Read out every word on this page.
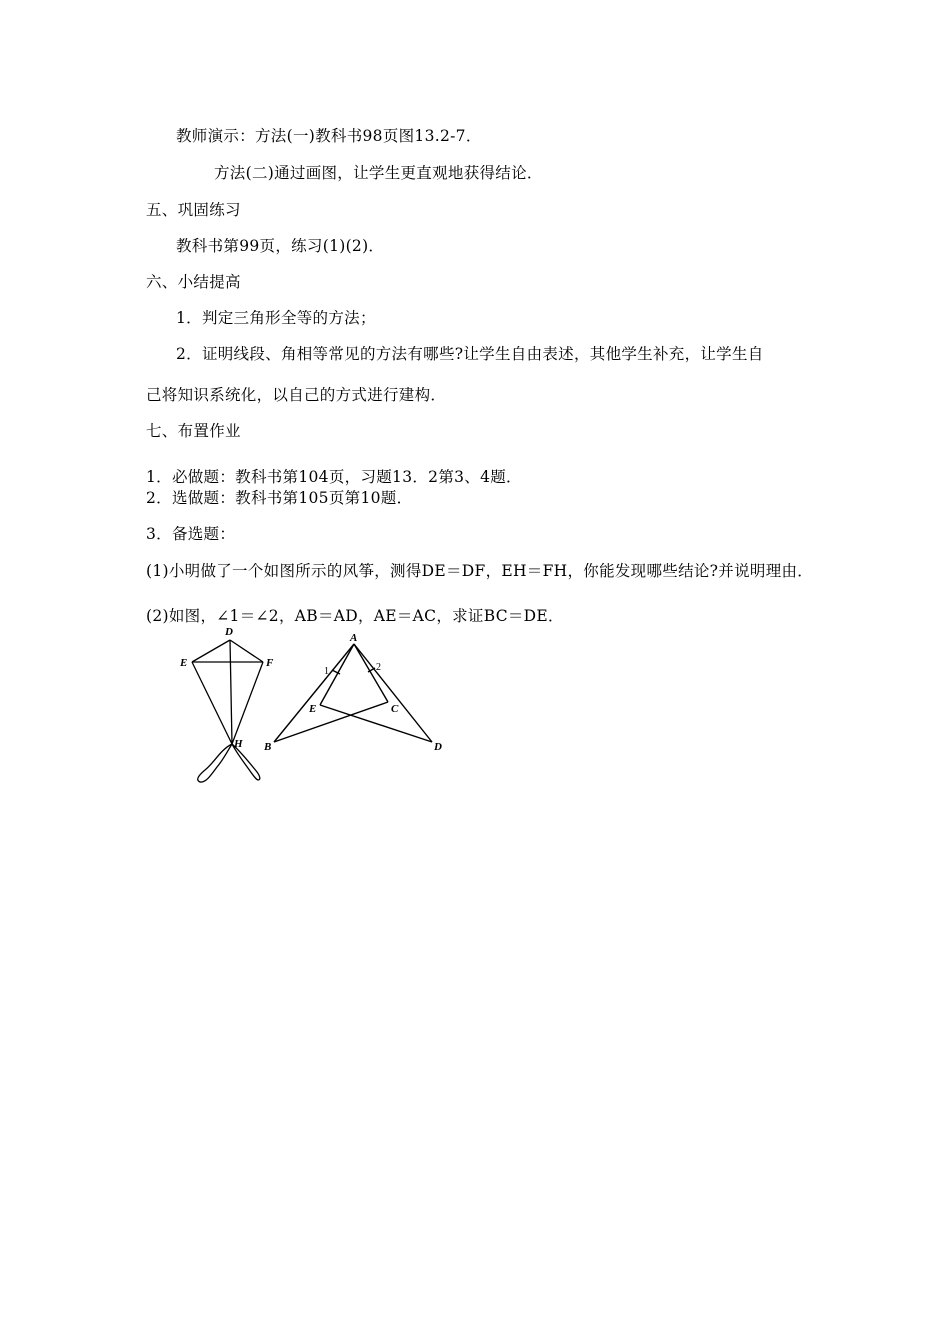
教师演示：方法(一)教科书98页图13.2-7．
方法(二)通过画图，让学生更直观地获得结论．
五、巩固练习
教科书第99页，练习(1)(2)．
六、小结提高
1．判定三角形全等的方法；
2．证明线段、角相等常见的方法有哪些?让学生自由表述，其他学生补充，让学生自
己将知识系统化，以自己的方式进行建构．
七、布置作业
1．必做题：教科书第104页，习题13．2第3、4题．
2．选做题：教科书第105页第10题．
3．备选题：
(1)小明做了一个如图所示的风筝，测得DE＝DF，EH＝FH，你能发现哪些结论?并说明理由．
(2)如图，∠1＝∠2，AB＝AD，AE＝AC，求证BC＝DE．
D
E	F
H
A
B
C
D
E
1	2
